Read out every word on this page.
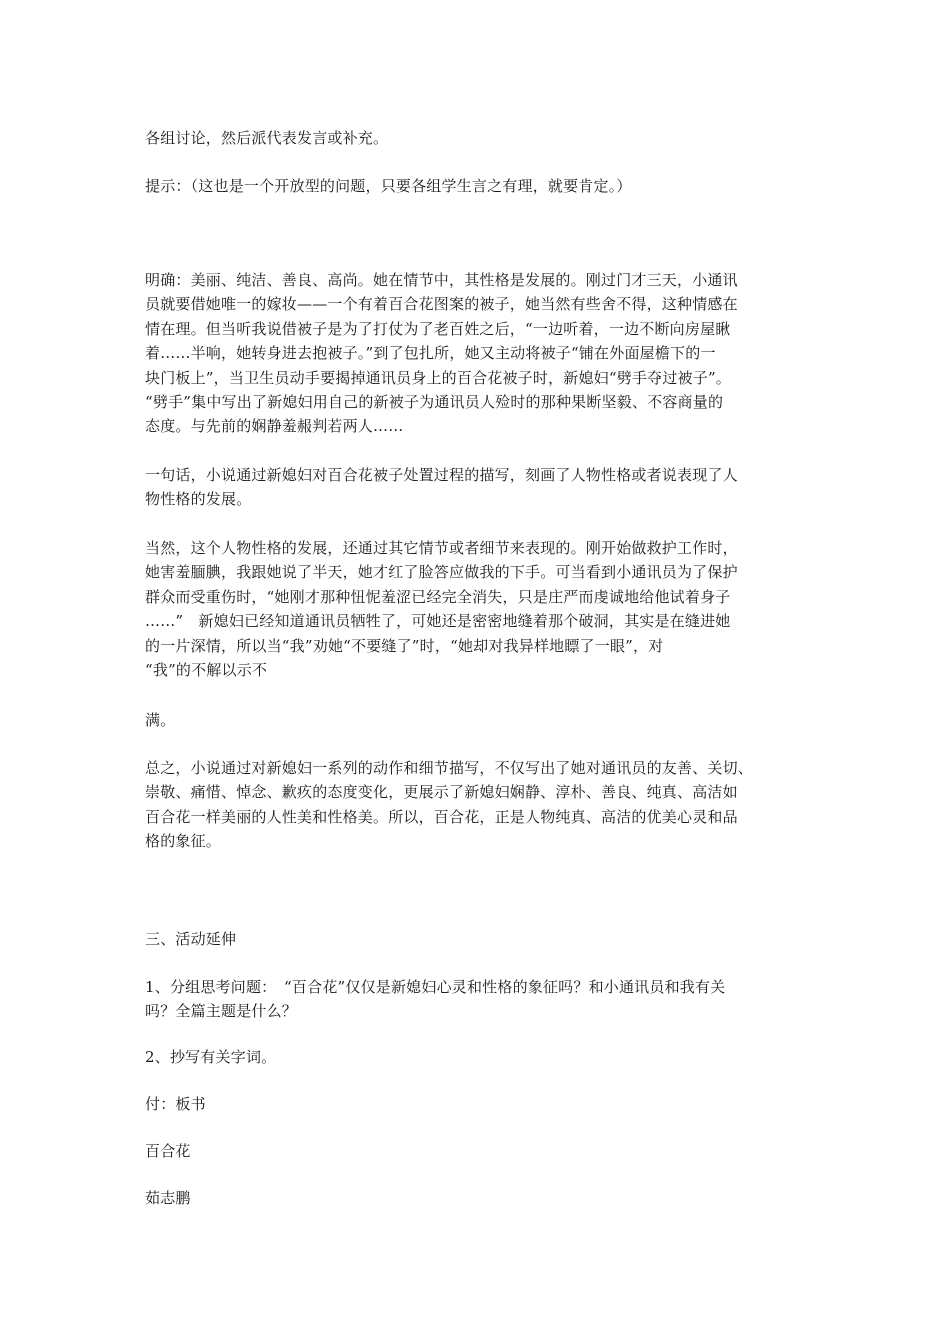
各组讨论，然后派代表发言或补充。

提示：（这也是一个开放型的问题，只要各组学生言之有理，就要肯定。）

明确：美丽、纯洁、善良、高尚。她在情节中，其性格是发展的。刚过门才三天，小通讯
员就要借她唯一的嫁妆——一个有着百合花图案的被子，她当然有些舍不得，这种情感在
情在理。但当听我说借被子是为了打仗为了老百姓之后，“一边听着，一边不断向房屋瞅
着……半响，她转身进去抱被子。”到了包扎所，她又主动将被子“铺在外面屋檐下的一
块门板上”，当卫生员动手要揭掉通讯员身上的百合花被子时，新媳妇“劈手夺过被子”。
“劈手”集中写出了新媳妇用自己的新被子为通讯员人殓时的那种果断坚毅、不容商量的
态度。与先前的娴静羞赧判若两人……

一句话，小说通过新媳妇对百合花被子处置过程的描写，刻画了人物性格或者说表现了人
物性格的发展。

当然，这个人物性格的发展，还通过其它情节或者细节来表现的。刚开始做救护工作时，
她害羞腼腆，我跟她说了半天，她才红了脸答应做我的下手。可当看到小通讯员为了保护
群众而受重伤时，“她刚才那种忸怩羞涩已经完全消失，只是庄严而虔诚地给他试着身子
……”　新媳妇已经知道通讯员牺牲了，可她还是密密地缝着那个破洞，其实是在缝进她
的一片深情，所以当“我”劝她“不要缝了”时，“她却对我异样地瞟了一眼”，对
“我”的不解以示不

满。

总之，小说通过对新媳妇一系列的动作和细节描写，不仅写出了她对通讯员的友善、关切、
崇敬、痛惜、悼念、歉疚的态度变化，更展示了新媳妇娴静、淳朴、善良、纯真、高洁如
百合花一样美丽的人性美和性格美。所以，百合花，正是人物纯真、高洁的优美心灵和品
格的象征。

三、活动延伸

1、分组思考问题：　“百合花”仅仅是新媳妇心灵和性格的象征吗？和小通讯员和我有关
吗？全篇主题是什么？

2、抄写有关字词。

付：板书

百合花

茹志鹏
